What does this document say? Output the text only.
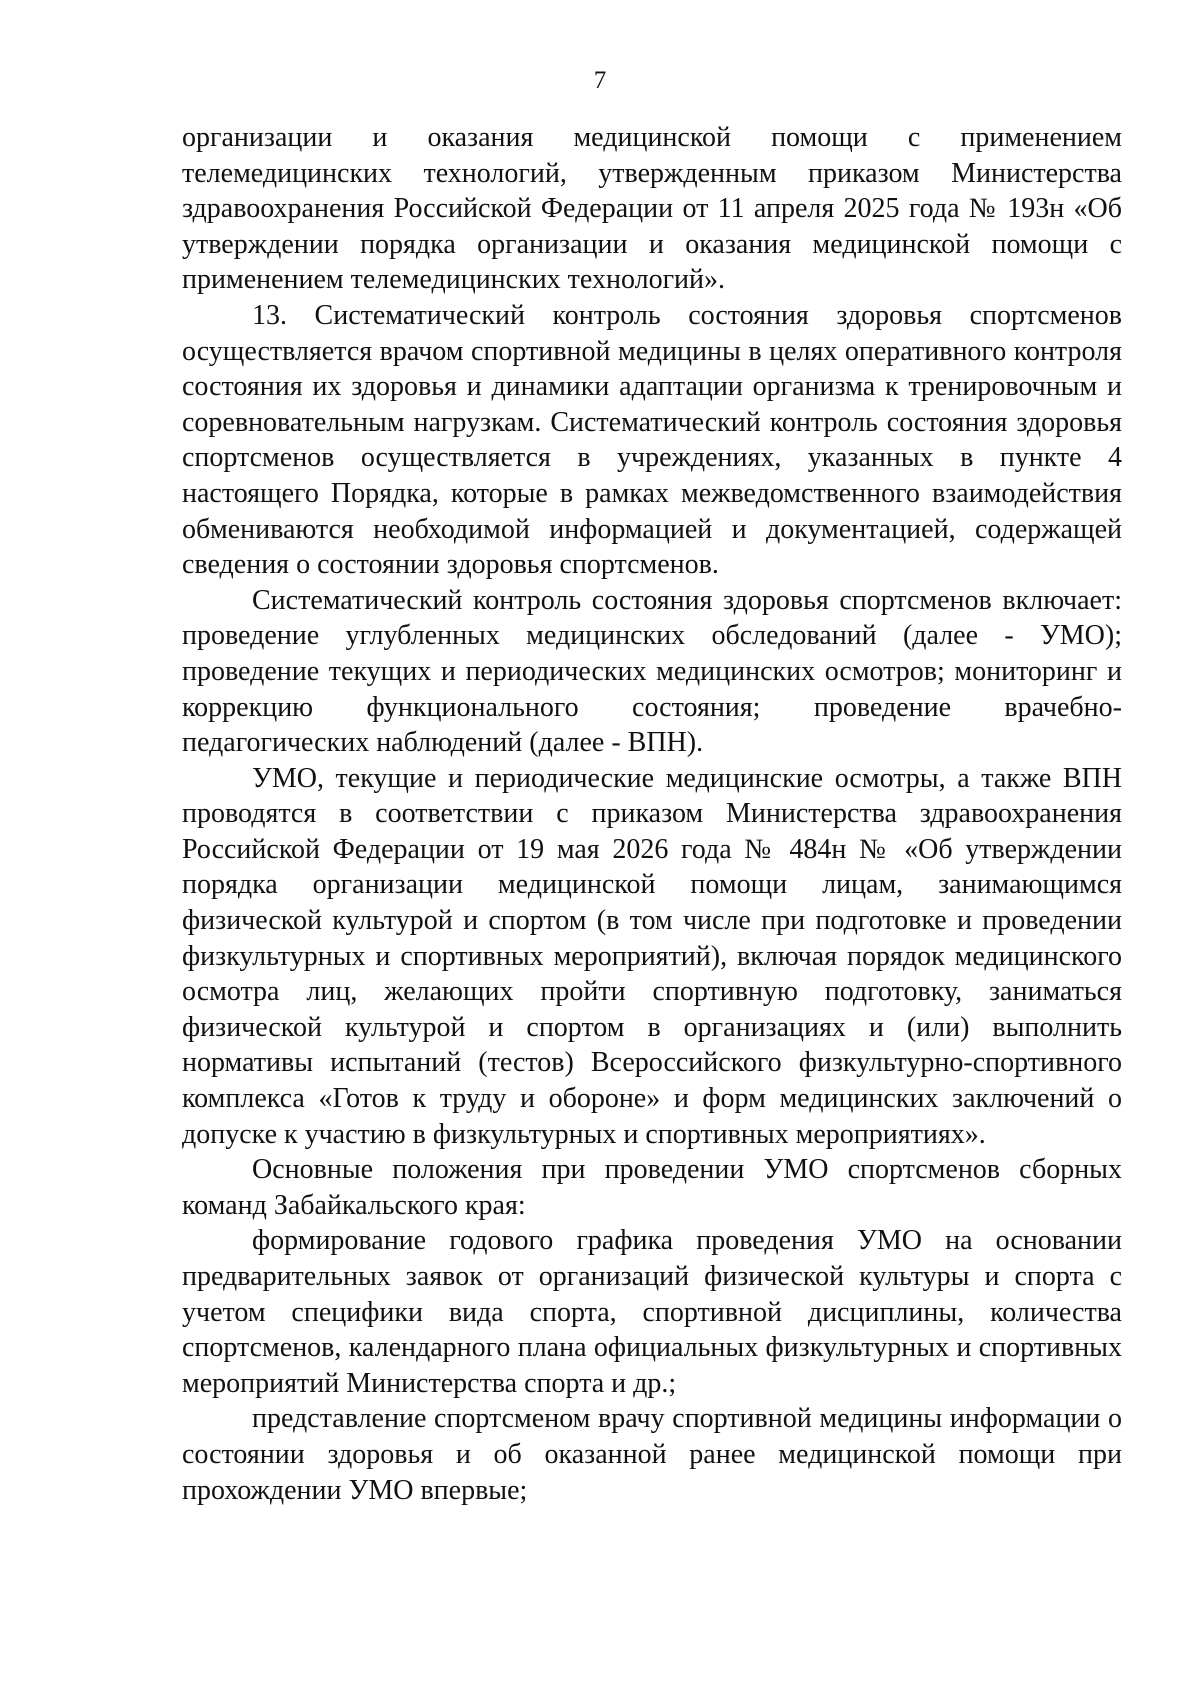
7

организации и оказания медицинской помощи с применением телемедицинских технологий, утвержденным приказом Министерства здравоохранения Российской Федерации от 11 апреля 2025 года № 193н «Об утверждении порядка организации и оказания медицинской помощи с применением телемедицинских технологий».

13. Систематический контроль состояния здоровья спортсменов осуществляется врачом спортивной медицины в целях оперативного контроля состояния их здоровья и динамики адаптации организма к тренировочным и соревновательным нагрузкам. Систематический контроль состояния здоровья спортсменов осуществляется в учреждениях, указанных в пункте 4 настоящего Порядка, которые в рамках межведомственного взаимодействия обмениваются необходимой информацией и документацией, содержащей сведения о состоянии здоровья спортсменов.

Систематический контроль состояния здоровья спортсменов включает: проведение углубленных медицинских обследований (далее - УМО); проведение текущих и периодических медицинских осмотров; мониторинг и коррекцию функционального состояния; проведение врачебно-педагогических наблюдений (далее - ВПН).

УМО, текущие и периодические медицинские осмотры, а также ВПН проводятся в соответствии с приказом Министерства здравоохранения Российской Федерации от 19 мая 2026 года № 484н № «Об утверждении порядка организации медицинской помощи лицам, занимающимся физической культурой и спортом (в том числе при подготовке и проведении физкультурных и спортивных мероприятий), включая порядок медицинского осмотра лиц, желающих пройти спортивную подготовку, заниматься физической культурой и спортом в организациях и (или) выполнить нормативы испытаний (тестов) Всероссийского физкультурно-спортивного комплекса «Готов к труду и обороне» и форм медицинских заключений о допуске к участию в физкультурных и спортивных мероприятиях».

Основные положения при проведении УМО спортсменов сборных команд Забайкальского края:

формирование годового графика проведения УМО на основании предварительных заявок от организаций физической культуры и спорта с учетом специфики вида спорта, спортивной дисциплины, количества спортсменов, календарного плана официальных физкультурных и спортивных мероприятий Министерства спорта и др.;

представление спортсменом врачу спортивной медицины информации о состоянии здоровья и об оказанной ранее медицинской помощи при прохождении УМО впервые;
